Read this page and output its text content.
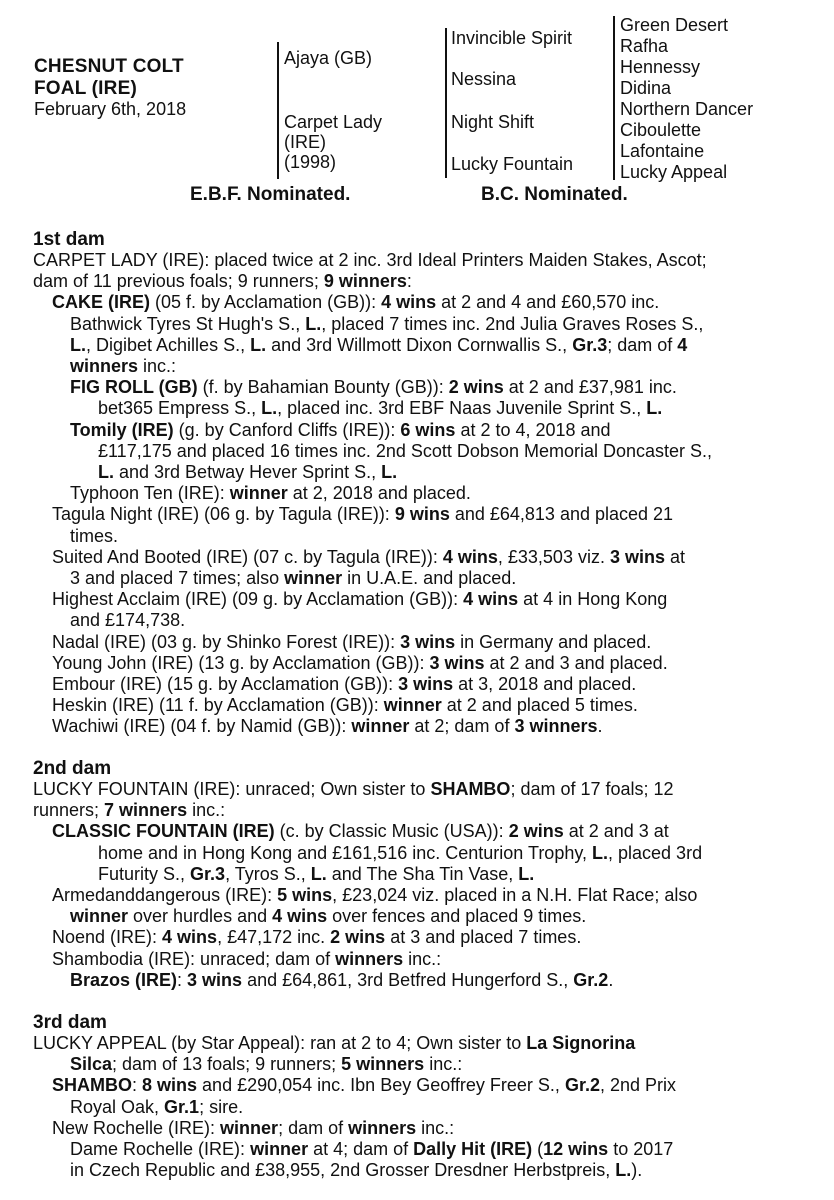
CHESNUT COLT
FOAL (IRE)
February 6th, 2018
Ajaya (GB)
Carpet Lady
(IRE)
(1998)
Invincible Spirit
Nessina
Night Shift
Lucky Fountain
Green Desert
Rafha
Hennessy
Didina
Northern Dancer
Ciboulette
Lafontaine
Lucky Appeal
E.B.F. Nominated.	B.C. Nominated.
1st dam
CARPET LADY (IRE): placed twice at 2 inc. 3rd Ideal Printers Maiden Stakes, Ascot;
dam of 11 previous foals; 9 runners; 9 winners:
CAKE (IRE) (05 f. by Acclamation (GB)): 4 wins at 2 and 4 and £60,570 inc.
Bathwick Tyres St Hugh's S., L., placed 7 times inc. 2nd Julia Graves Roses S.,
L., Digibet Achilles S., L. and 3rd Willmott Dixon Cornwallis S., Gr.3; dam of 4
winners inc.:
FIG ROLL (GB) (f. by Bahamian Bounty (GB)): 2 wins at 2 and £37,981 inc.
bet365 Empress S., L., placed inc. 3rd EBF Naas Juvenile Sprint S., L.
Tomily (IRE) (g. by Canford Cliffs (IRE)): 6 wins at 2 to 4, 2018 and
£117,175 and placed 16 times inc. 2nd Scott Dobson Memorial Doncaster S.,
L. and 3rd Betway Hever Sprint S., L.
Typhoon Ten (IRE): winner at 2, 2018 and placed.
Tagula Night (IRE) (06 g. by Tagula (IRE)): 9 wins and £64,813 and placed 21
times.
Suited And Booted (IRE) (07 c. by Tagula (IRE)): 4 wins, £33,503 viz. 3 wins at
3 and placed 7 times; also winner in U.A.E. and placed.
Highest Acclaim (IRE) (09 g. by Acclamation (GB)): 4 wins at 4 in Hong Kong
and £174,738.
Nadal (IRE) (03 g. by Shinko Forest (IRE)): 3 wins in Germany and placed.
Young John (IRE) (13 g. by Acclamation (GB)): 3 wins at 2 and 3 and placed.
Embour (IRE) (15 g. by Acclamation (GB)): 3 wins at 3, 2018 and placed.
Heskin (IRE) (11 f. by Acclamation (GB)): winner at 2 and placed 5 times.
Wachiwi (IRE) (04 f. by Namid (GB)): winner at 2; dam of 3 winners.
2nd dam
LUCKY FOUNTAIN (IRE): unraced; Own sister to SHAMBO; dam of 17 foals; 12
runners; 7 winners inc.:
CLASSIC FOUNTAIN (IRE) (c. by Classic Music (USA)): 2 wins at 2 and 3 at
home and in Hong Kong and £161,516 inc. Centurion Trophy, L., placed 3rd
Futurity S., Gr.3, Tyros S., L. and The Sha Tin Vase, L.
Armedanddangerous (IRE): 5 wins, £23,024 viz. placed in a N.H. Flat Race; also
winner over hurdles and 4 wins over fences and placed 9 times.
Noend (IRE): 4 wins, £47,172 inc. 2 wins at 3 and placed 7 times.
Shambodia (IRE): unraced; dam of winners inc.:
Brazos (IRE): 3 wins and £64,861, 3rd Betfred Hungerford S., Gr.2.
3rd dam
LUCKY APPEAL (by Star Appeal): ran at 2 to 4; Own sister to La Signorina
Silca; dam of 13 foals; 9 runners; 5 winners inc.:
SHAMBO: 8 wins and £290,054 inc. Ibn Bey Geoffrey Freer S., Gr.2, 2nd Prix
Royal Oak, Gr.1; sire.
New Rochelle (IRE): winner; dam of winners inc.:
Dame Rochelle (IRE): winner at 4; dam of Dally Hit (IRE) (12 wins to 2017
in Czech Republic and £38,955, 2nd Grosser Dresdner Herbstpreis, L.).
